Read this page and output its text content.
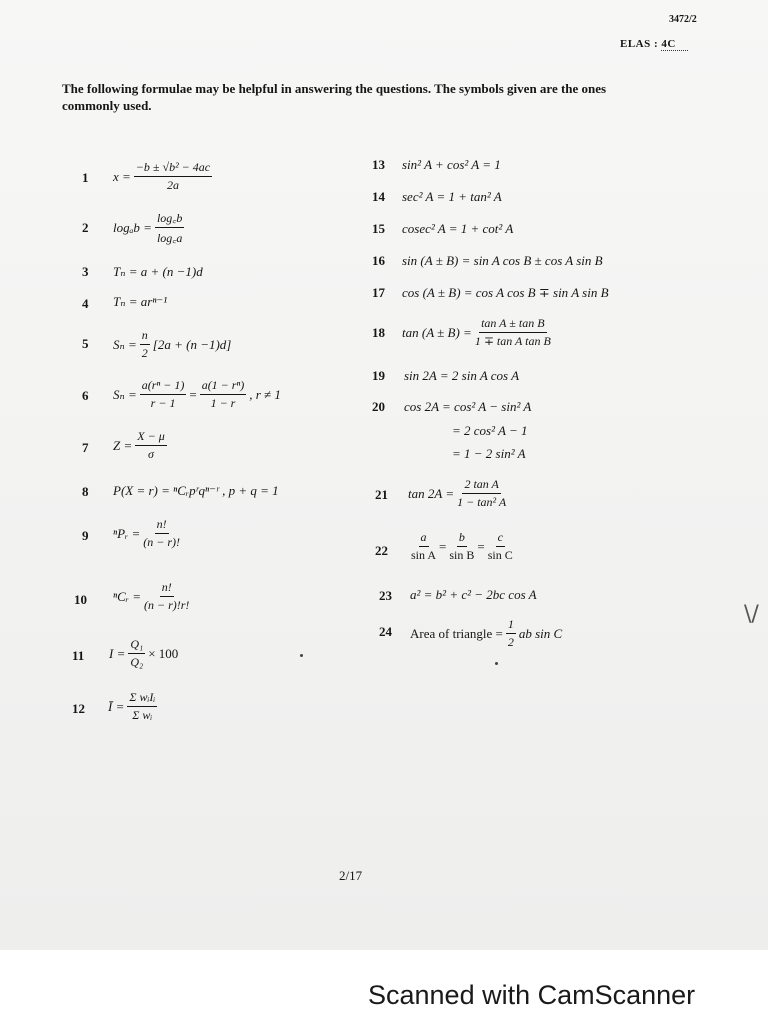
3472/2
ELAS : 4C
The following formulae may be helpful in answering the questions. The symbols given are the ones commonly used.
1 $x = \frac{\text{−b ± √b² − 4ac}}{2a}$
2 $\log_ab = \frac{\log꜀b}{\log꜀a}$
3 Tₙ = a + (n −1)d
4 Tₙ = arⁿ⁻¹
5 $S_n = \frac{n}{2} [2a + (n -1)d]$
6 $S_n = \frac{\text{a(rⁿ − 1)}}{r - 1} = \frac{\text{a(1 − rⁿ)}}{1 - r}$ , r ≠ 1
7 $Z = \frac{X - \mu}{\sigma}$
8 P(X = r) = ⁿCᵣpʳqⁿ⁻ʳ , p + q = 1
9 ⁿPᵣ = $\frac{n!}{(n - r)!}$
10 ⁿCᵣ = $\frac{n!}{(n - r)!r!}$
11 $I = \frac{\text{Q₁}}{\text{Q₂}} \times 100$
12 Ī = $\frac{\text{Σ wᵢIᵢ}}{\text{Σ wᵢ}}$
13 sin² A + cos² A = 1
14 sec² A = 1 + tan² A
15 cosec² A = 1 + cot² A
16 sin (A ± B) = sin A cos B ± cos A sin B
17 cos (A ± B) = cos A cos B ∓ sin A sin B
18 $\tan (A \pm B) = \frac{\text{tan A ± tan B}}{\text{1 ∓ tan A tan B}}$
19 sin 2A = 2 sin A cos A
20 cos 2A = cos² A − sin² A
= 2 cos² A − 1
= 1 − 2 sin² A
21 $\tan 2A = \frac{\text{2 tan A}}{\text{1 − tan² A}}$
$22 \frac{a}{\text{sin A}} = \frac{b}{\text{sin B}} = \frac{c}{\text{sin C}}$
23 a² = b² + c² − 2bc cos A
24 Area of triangle = $\frac{1}{2}$ ab sin C
\/
2/17
Scanned with CamScanner
